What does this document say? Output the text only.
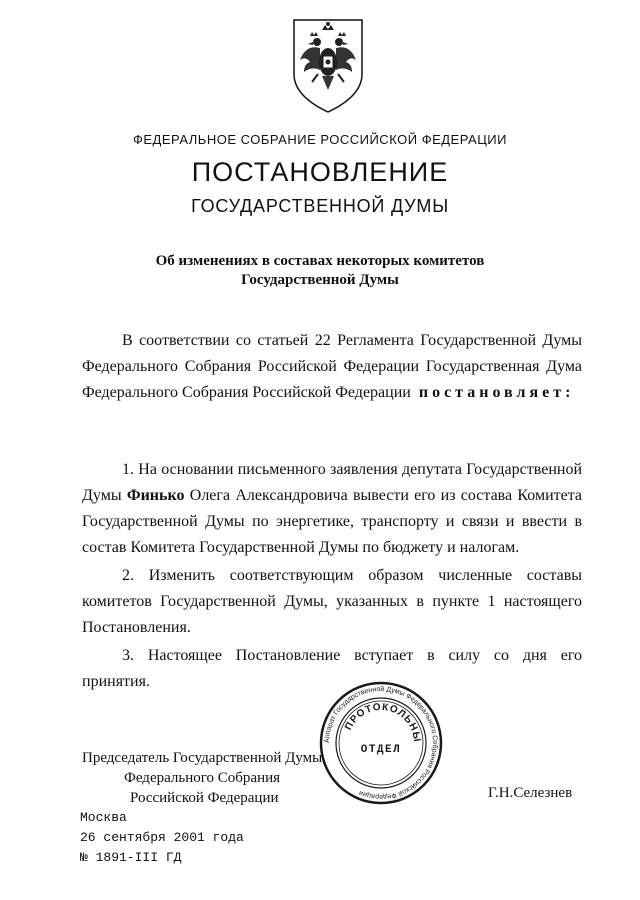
ФЕДЕРАЛЬНОЕ СОБРАНИЕ РОССИЙСКОЙ ФЕДЕРАЦИИ
ПОСТАНОВЛЕНИЕ
ГОСУДАРСТВЕННОЙ ДУМЫ
Об изменениях в составах некоторых комитетов
Государственной Думы
В соответствии со статьей 22 Регламента Государственной Думы
Федерального Собрания Российской Федерации Государственная Дума
Федерального Собрания Российской Федерации постановляет:
1. На основании письменного заявления депутата Государственной
Думы Финько Олега Александровича вывести его из состава Комитета
Государственной Думы по энергетике, транспорту и связи и ввести в
состав Комитета Государственной Думы по бюджету и налогам.
2. Изменить соответствующим образом численные составы
комитетов Государственной Думы, указанных в пункте 1 настоящего
Постановления.
3. Настоящее Постановление вступает в силу со дня его
принятия.
Аппарат Государственной Думы Федерального Собрания Российской Федерации
ПРОТОКОЛЬНЫ
ОТДЕЛ
Председатель Государственной Думы
Федерального Собрания
Российской Федерации	Г.Н.Селезнев
Москва
26 сентября 2001 года
№ 1891-III ГД
